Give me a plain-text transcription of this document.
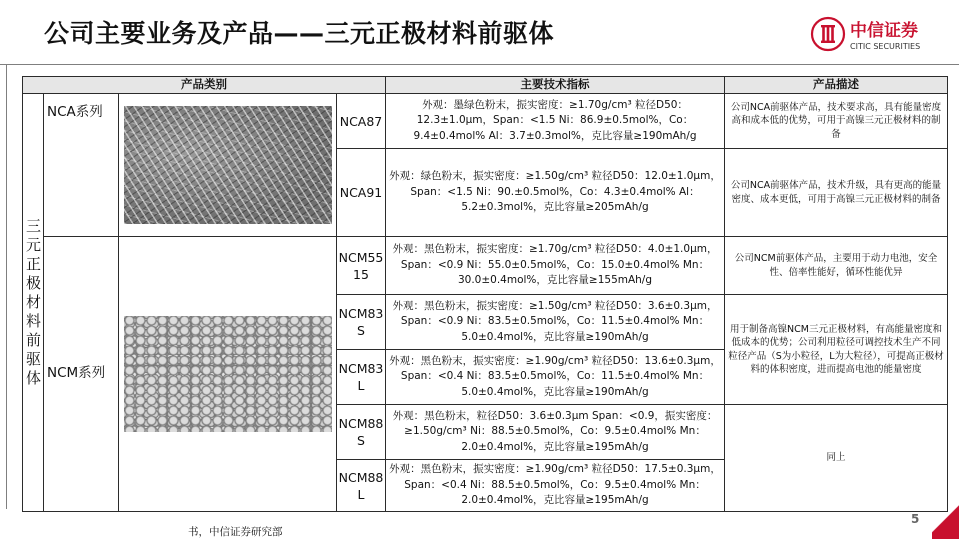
公司主要业务及产品——三元正极材料前驱体	中信证券
CITIC SECURITIES
产品类别				主要技术指标	产品描述

三元正极材料前驱体	NCA系列		NCA87	外观：墨绿色粉末，振实密度：≥1.70g/cm³ 粒径D50：12.3±1.0μm，Span：<1.5 Ni：86.9±0.5mol%，Co：9.4±0.4mol% Al：3.7±0.3mol%，克比容量≥190mAh/g	公司NCA前驱体产品，技术要求高，具有能量密度高和成本低的优势，可用于高镍三元正极材料的制备
			NCA91	外观：绿色粉末，振实密度：≥1.50g/cm³ 粒径D50：12.0±1.0μm，Span：<1.5 Ni：90.±0.5mol%，Co：4.3±0.4mol% Al：5.2±0.3mol%，克比容量≥205mAh/g	公司NCA前驱体产品，技术升级，具有更高的能量密度、成本更低，可用于高镍三元正极材料的制备
	NCM系列		NCM5515	外观：黑色粉末，振实密度：≥1.70g/cm³ 粒径D50：4.0±1.0μm，Span：<0.9 Ni：55.0±0.5mol%，Co：15.0±0.4mol% Mn：30.0±0.4mol%，克比容量≥155mAh/g	公司NCM前驱体产品，主要用于动力电池，安全性、倍率性能好，循环性能优异
			NCM83S	外观：黑色粉末，振实密度：≥1.50g/cm³ 粒径D50：3.6±0.3μm，Span：<0.9 Ni：83.5±0.5mol%，Co：11.5±0.4mol% Mn：5.0±0.4mol%，克比容量≥190mAh/g	用于制备高镍NCM三元正极材料，有高能量密度和低成本的优势；公司利用粒径可调控技术生产不同粒径产品（S为小粒径，L为大粒径），可提高正极材料的体积密度，进而提高电池的能量密度
			NCM83L	外观：黑色粉末，振实密度：≥1.90g/cm³ 粒径D50：13.6±0.3μm，Span：<0.4 Ni：83.5±0.5mol%，Co：11.5±0.4mol% Mn：5.0±0.4mol%，克比容量≥190mAh/g	
			NCM88S	外观：黑色粉末，粒径D50：3.6±0.3μm Span：<0.9，振实密度：≥1.50g/cm³ Ni：88.5±0.5mol%，Co：9.5±0.4mol% Mn：2.0±0.4mol%，克比容量≥195mAh/g	同上
			NCM88L	外观：黑色粉末，振实密度：≥1.90g/cm³ 粒径D50：17.5±0.3μm，Span：<0.4 Ni：88.5±0.5mol%，Co：9.5±0.4mol% Mn：2.0±0.4mol%，克比容量≥195mAh/g	
书，中信证券研究部
5
